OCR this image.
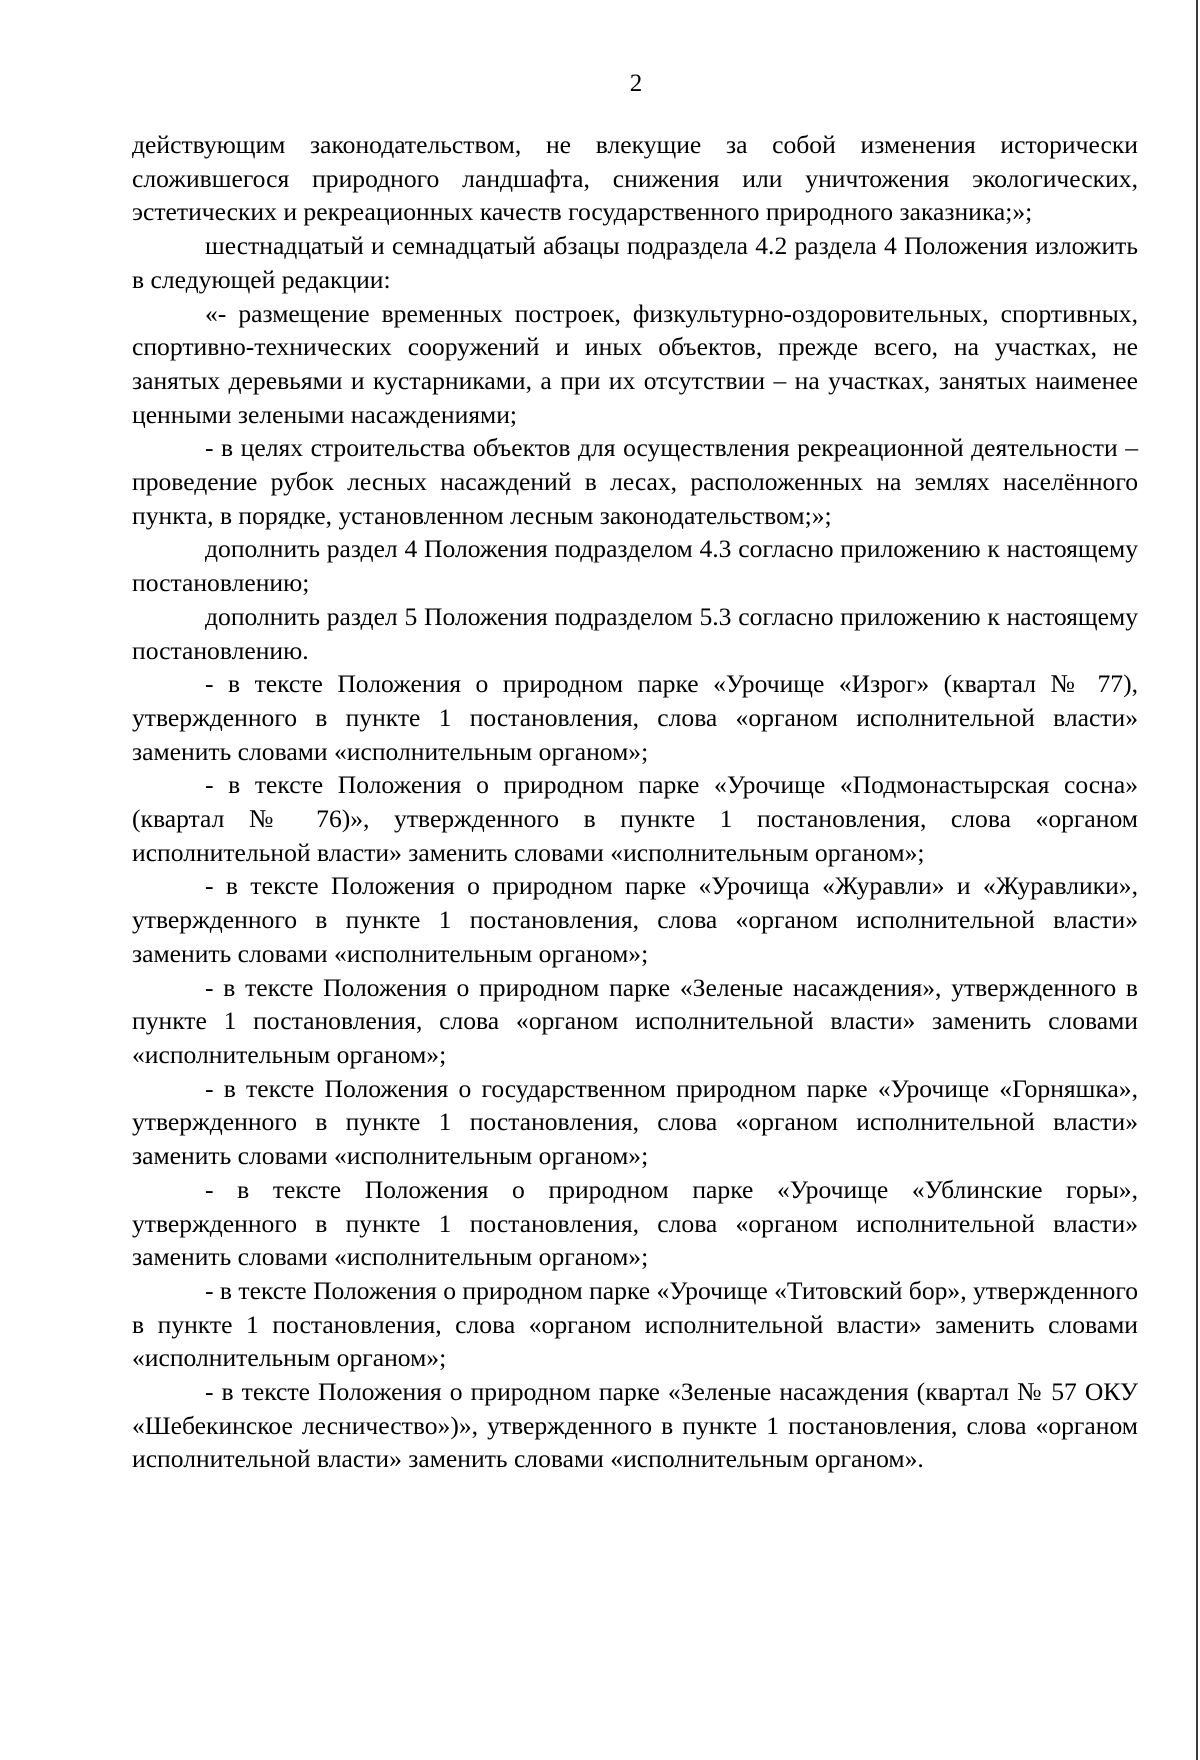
2

действующим законодательством, не влекущие за собой изменения исторически сложившегося природного ландшафта, снижения или уничтожения экологических, эстетических и рекреационных качеств государственного природного заказника;»;

шестнадцатый и семнадцатый абзацы подраздела 4.2 раздела 4 Положения изложить в следующей редакции:

«- размещение временных построек, физкультурно-оздоровительных, спортивных, спортивно-технических сооружений и иных объектов, прежде всего, на участках, не занятых деревьями и кустарниками, а при их отсутствии – на участках, занятых наименее ценными зелеными насаждениями;

- в целях строительства объектов для осуществления рекреационной деятельности – проведение рубок лесных насаждений в лесах, расположенных на землях населённого пункта, в порядке, установленном лесным законодательством;»;

дополнить раздел 4 Положения подразделом 4.3 согласно приложению к настоящему постановлению;

дополнить раздел 5 Положения подразделом 5.3 согласно приложению к настоящему постановлению.

- в тексте Положения о природном парке «Урочище «Изрог» (квартал № 77), утвержденного в пункте 1 постановления, слова «органом исполнительной власти» заменить словами «исполнительным органом»;

- в тексте Положения о природном парке «Урочище «Подмонастырская сосна» (квартал № 76)», утвержденного в пункте 1 постановления, слова «органом исполнительной власти» заменить словами «исполнительным органом»;

- в тексте Положения о природном парке «Урочища «Журавли» и «Журавлики», утвержденного в пункте 1 постановления, слова «органом исполнительной власти» заменить словами «исполнительным органом»;

- в тексте Положения о природном парке «Зеленые насаждения», утвержденного в пункте 1 постановления, слова «органом исполнительной власти» заменить словами «исполнительным органом»;

- в тексте Положения о государственном природном парке «Урочище «Горняшка», утвержденного в пункте 1 постановления, слова «органом исполнительной власти» заменить словами «исполнительным органом»;

- в тексте Положения о природном парке «Урочище «Ублинские горы», утвержденного в пункте 1 постановления, слова «органом исполнительной власти» заменить словами «исполнительным органом»;

- в тексте Положения о природном парке «Урочище «Титовский бор», утвержденного в пункте 1 постановления, слова «органом исполнительной власти» заменить словами «исполнительным органом»;

- в тексте Положения о природном парке «Зеленые насаждения (квартал № 57 ОКУ «Шебекинское лесничество»)», утвержденного в пункте 1 постановления, слова «органом исполнительной власти» заменить словами «исполнительным органом».
